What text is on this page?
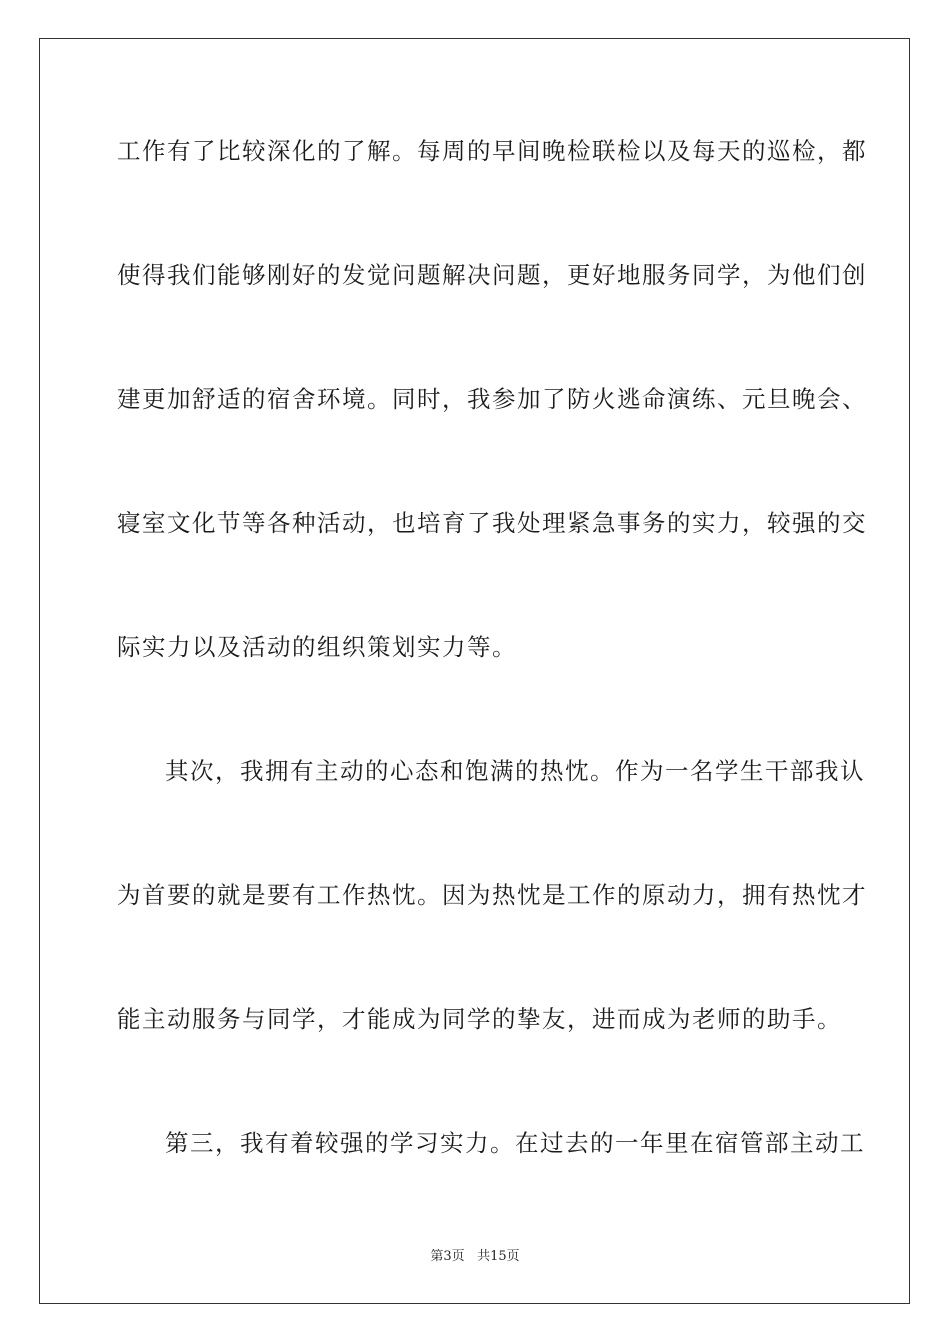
工作有了比较深化的了解。每周的早间晚检联检以及每天的巡检，都
使得我们能够刚好的发觉问题解决问题，更好地服务同学，为他们创
建更加舒适的宿舍环境。同时，我参加了防火逃命演练、元旦晚会、
寝室文化节等各种活动，也培育了我处理紧急事务的实力，较强的交
际实力以及活动的组织策划实力等。
其次，我拥有主动的心态和饱满的热忱。作为一名学生干部我认
为首要的就是要有工作热忱。因为热忱是工作的原动力，拥有热忱才
能主动服务与同学，才能成为同学的挚友，进而成为老师的助手。
第三，我有着较强的学习实力。在过去的一年里在宿管部主动工
第3页 共15页
